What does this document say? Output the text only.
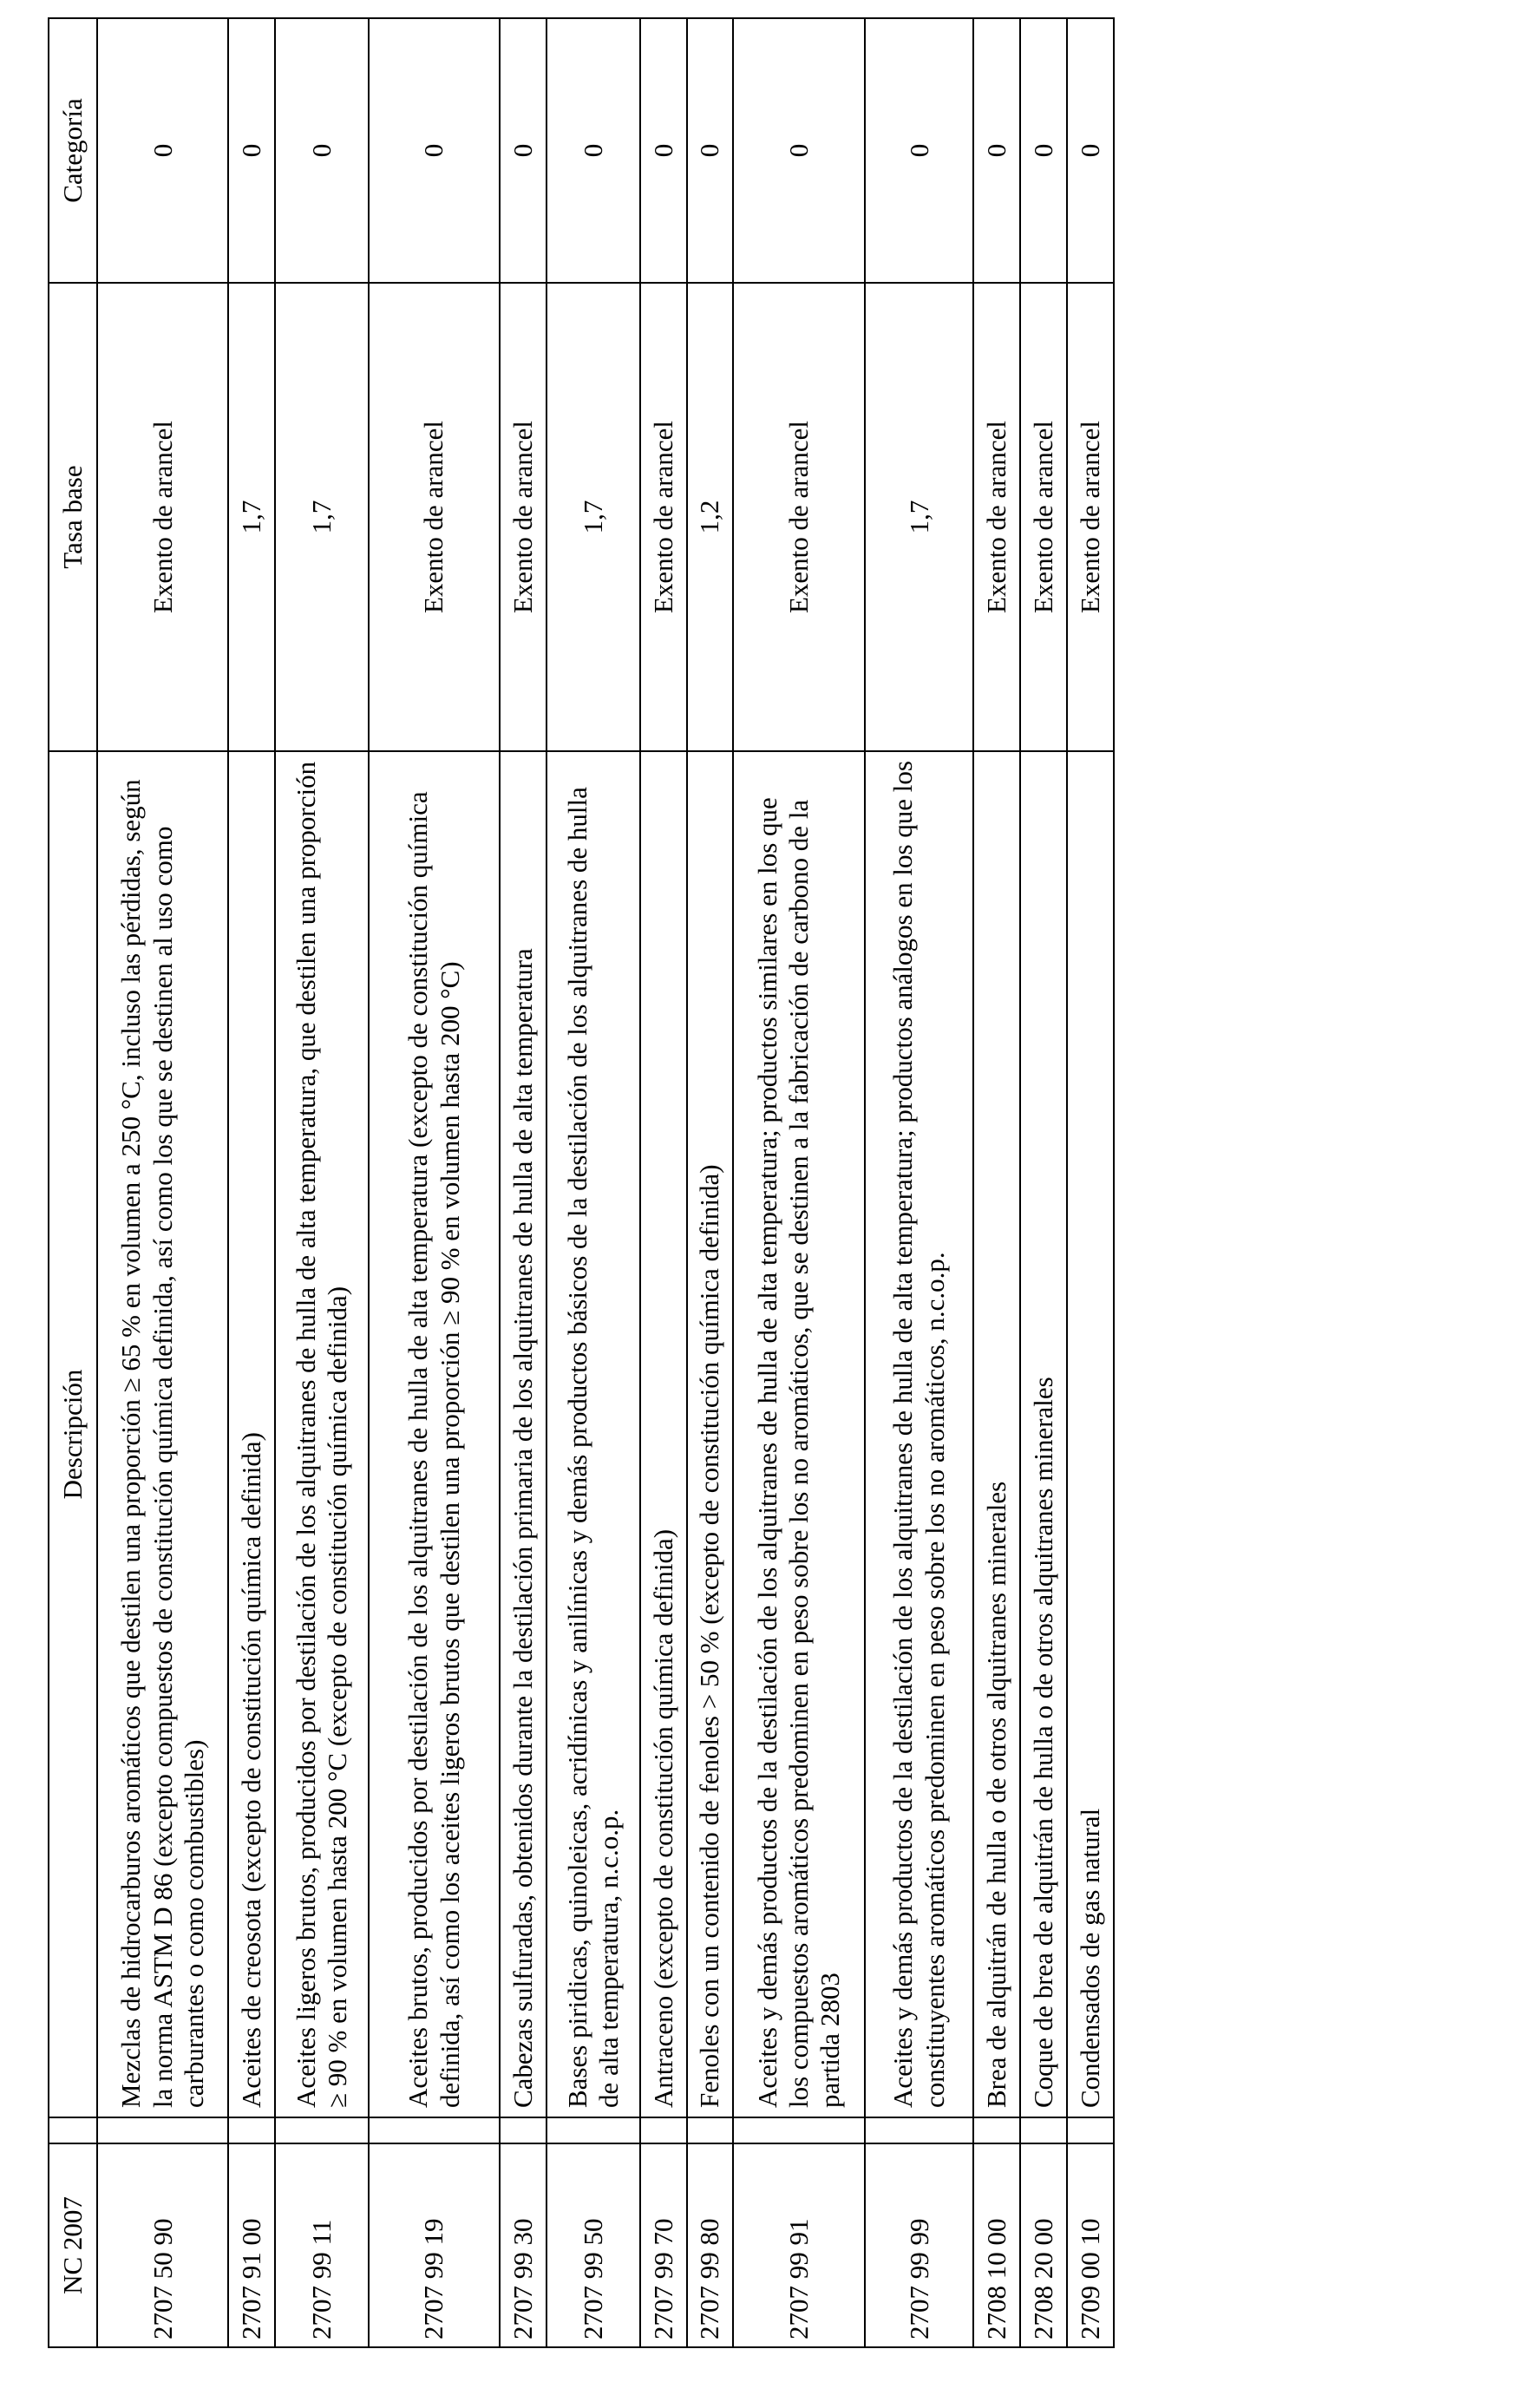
NC 2007		Descripción	Tasa base	Categoría
2707 50 90		Mezclas de hidrocarburos aromáticos que destilen una proporción ≥ 65 % en volumen a 250 °C, incluso las pérdidas, según la norma ASTM D 86 (excepto compuestos de constitución química definida, así como los que se destinen al uso como carburantes o como combustibles)	Exento de arancel	0
2707 91 00		Aceites de creosota (excepto de constitución química definida)	1,7	0
2707 99 11		Aceites ligeros brutos, producidos por destilación de los alquitranes de hulla de alta temperatura, que destilen una proporción ≥ 90 % en volumen hasta 200 °C (excepto de constitución química definida)	1,7	0
2707 99 19		Aceites brutos, producidos por destilación de los alquitranes de hulla de alta temperatura (excepto de constitución química definida, así como los aceites ligeros brutos que destilen una proporción ≥ 90 % en volumen hasta 200 °C)	Exento de arancel	0
2707 99 30		Cabezas sulfuradas, obtenidos durante la destilación primaria de los alquitranes de hulla de alta temperatura	Exento de arancel	0
2707 99 50		Bases piridicas, quinoleicas, acridínicas y anilínicas y demás productos básicos de la destilación de los alquitranes de hulla de alta temperatura, n.c.o.p.	1,7	0
2707 99 70		Antraceno (excepto de constitución química definida)	Exento de arancel	0
2707 99 80		Fenoles con un contenido de fenoles > 50 % (excepto de constitución química definida)	1,2	0
2707 99 91		Aceites y demás productos de la destilación de los alquitranes de hulla de alta temperatura; productos similares en los que los compuestos aromáticos predominen en peso sobre los no aromáticos, que se destinen a la fabricación de carbono de la partida 2803	Exento de arancel	0
2707 99 99		Aceites y demás productos de la destilación de los alquitranes de hulla de alta temperatura; productos análogos en los que los constituyentes aromáticos predominen en peso sobre los no aromáticos, n.c.o.p.	1,7	0
2708 10 00		Brea de alquitrán de hulla o de otros alquitranes minerales	Exento de arancel	0
2708 20 00		Coque de brea de alquitrán de hulla o de otros alquitranes minerales	Exento de arancel	0
2709 00 10		Condensados de gas natural	Exento de arancel	0
